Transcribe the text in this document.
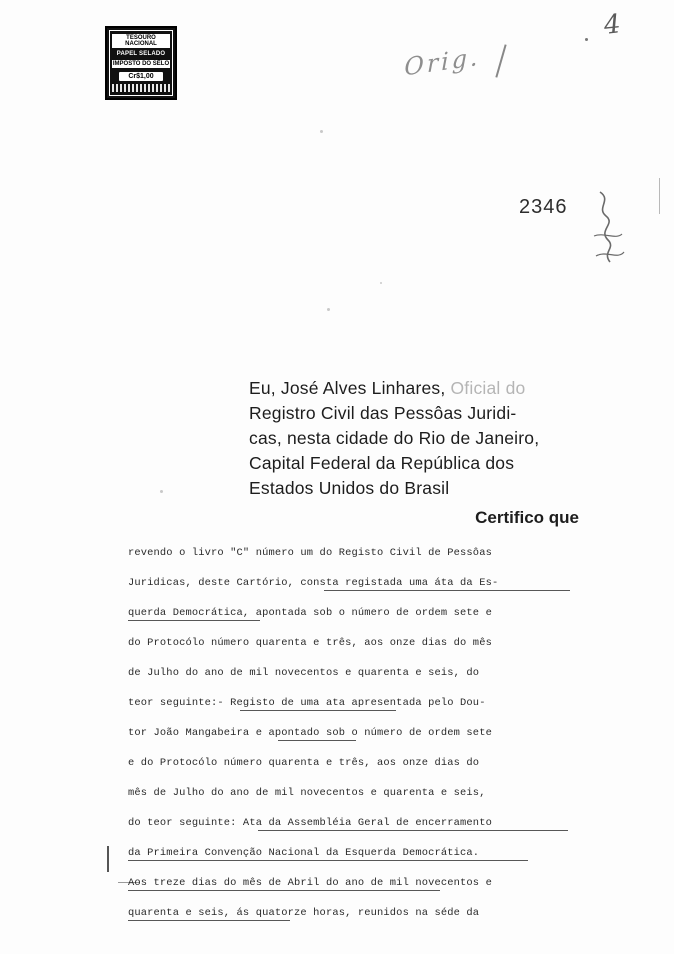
TESOURO NACIONAL
PAPEL SELADO
IMPOSTO DO SÊLO
Cr$1,00
4
Orig.
2346
Eu, José Alves Linhares, Oficial do
Registro Civil das Pessôas Juridi-
cas, nesta cidade do Rio de Janeiro,
Capital Federal da República dos
Estados Unidos do Brasil
Certifico que
revendo o livro "C" número um do Registo Civil de Pessôas
Juridicas, deste Cartório, consta registada uma áta da Es-
querda Democrática, apontada sob o número de ordem sete e
do Protocólo número quarenta e três, aos onze dias do mês
de Julho do ano de mil novecentos e quarenta e seis, do
teor seguinte:- Registo de uma ata apresentada pelo Dou-
tor João Mangabeira e apontado sob o número de ordem sete
e do Protocólo número quarenta e três, aos onze dias do
mês de Julho do ano de mil novecentos e quarenta e seis,
do teor seguinte: Ata da Assembléia Geral de encerramento
da Primeira Convenção Nacional da Esquerda Democrática.
Aos treze dias do mês de Abril do ano de mil novecentos e
quarenta e seis, ás quatorze horas, reunidos na séde da
